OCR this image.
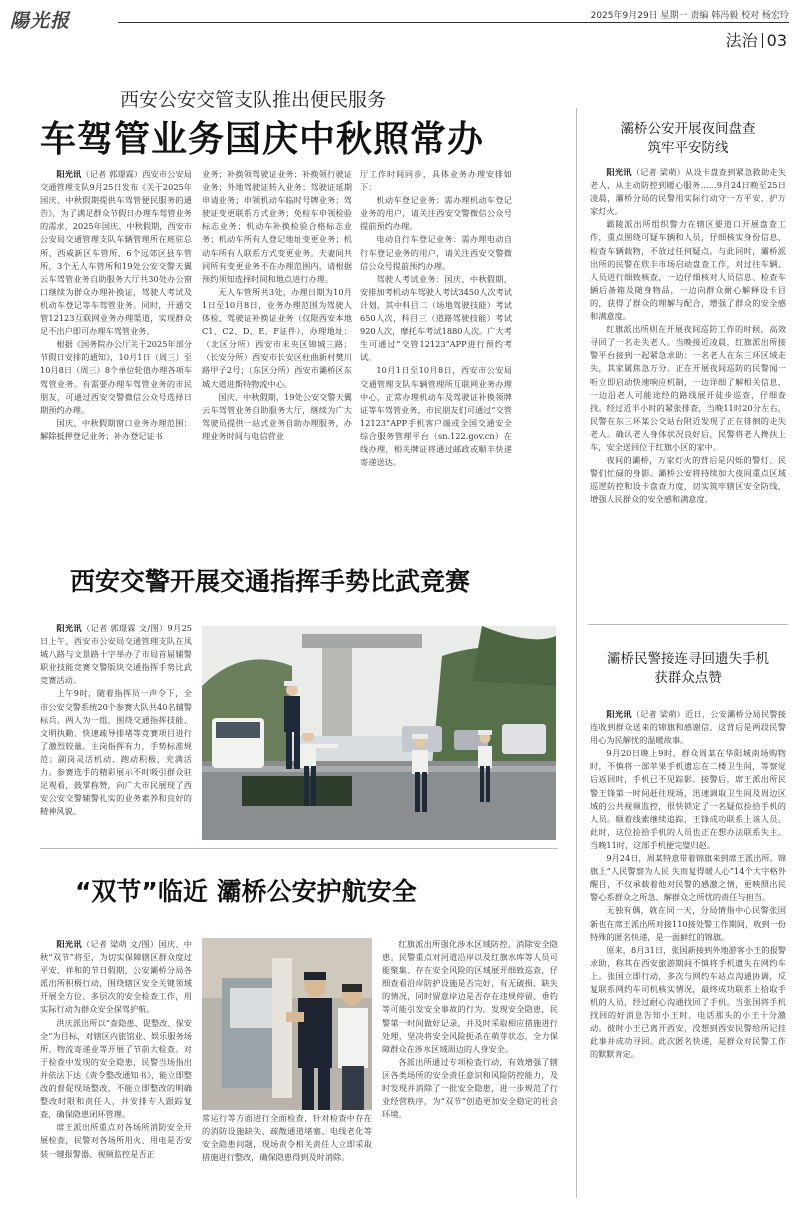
陽光报	2025年9月29日 星期一 责编 韩冯毅 校对 杨宏玲
法治 03
西安公安交管支队推出便民服务
车驾管业务国庆中秋照常办

阳光讯（记者 郭璟霖）西安市公安局交通管理支队9月25日发布《关于2025年国庆、中秋假期提供车驾管便民服务的通告》，为了满足群众节假日办理车驾管业务的需求，2025年国庆、中秋假期，西安市公安局交通管理支队车辆管理所在班驻总所、西咸新区车管所、6个远郊区县车管所，3个无人车管所和19处公安交警天翼云车驾管业务自助服务大厅共30处办公窗口继续为群众办理补换证，驾驶人考试及机动车登记等车驾管业务。同时，开通交管12123互联网业务办理渠道，实现群众足不出户即可办理车驾管业务。

根据《国务院办公厅关于2025年部分节假日安排的通知》，10月1日（周三）至10月8日（周三）8个单位轮值办理各项车驾管业务。有需要办理车驾管业务的市民朋友，可通过西安交警微信公众号选择日期预约办理。

国庆、中秋假期窗口业务办理范围：解除抵押登记业务；补办登记证书

业务；补换领驾驶证业务；补换领行驶证业务；外地驾驶证转入业务；驾驶证延期申请业务；申领机动车临时号牌业务；驾驶证变更联系方式业务；免检车申领检验标志业务；机动车补换检验合格标志业务；机动车所有人登记地址变更业务；机动车所有人联系方式变更业务。夫妻间共同所有变更业务不在办理范围内，请根据预约须知选择时间和地点进行办理。

无人车管所共3处，办理日期为10月1日至10月8日，业务办理范围为驾驶人体检、驾驶证补换证业务（仅限西安本地C1、C2、D、E、F证件），办理地址：（北区分所）西安市未央区锦城三路；（长安分所）西安市长安区杜曲新村樊川路甲子2号；（东区分所）西安市灞桥区东城大道进斯特物流中心。

国庆、中秋假期，19处公安交警天翼云车驾管业务自助服务大厅，继续为广大驾驶员提供一站式业务自助办理服务，办理业务时间与电信营业

厅工作时间同步，具体业务办理安排如下：

机动车登记业务：需办理机动车登记业务的用户，请关注西安交警微信公众号提前预约办理。

电动自行车登记业务：需办理电动自行车登记业务的用户，请关注西安交警微信公众号提前预约办理。

驾驶人考试业务：国庆、中秋假期，安排加考机动车驾驶人考试3450人次考试计划，其中科目二（场地驾驶技能）考试650人次，科目三（道路驾驶技能）考试920人次，摩托车考试1880人次。广大考生可通过“交管12123”APP进行预约考试。

10月1日至10月8日，西安市公安局交通管理支队车辆管理所互联网业务办理中心，正常办理机动车及驾驶证补换领牌证等车驾管业务，市民朋友们可通过“交管12123”APP手机客户端或全国交通安全综合服务管理平台（sn.122.gov.cn）在线办理，相关牌证将通过邮政或顺丰快递寄递送达。

西安交警开展交通指挥手势比武竞赛

阳光讯（记者 郭璟霖 文/图）9月25日上午，西安市公安局交通管理支队在凤城八路与文景路十字举办了市局首届辅警职业技能竞赛交警版块交通指挥手势比武竞赛活动。

上午9时，随着指挥员一声令下，全市公安交警系统20个参赛大队共40名辅警标兵，两人为一组，围绕交通指挥技能、文明执勤、快速疏导排堵等竞赛项目进行了激烈较量。主岗指挥有力，手势标准规范；副岗灵活机动、跑动积极，充满活力。参赛选手的精彩展示不时吸引群众驻足观看，鼓掌称赞，向广大市民展现了西安公安交警辅警扎实的业务素养和良好的精神风貌。

“双节”临近 灞桥公安护航安全

阳光讯（记者 梁萌 文/图）国庆、中秋“双节”将至，为切实保障辖区群众度过平安、祥和的节日假期，公安灞桥分局各派出所积极行动，围绕辖区安全关键领域开展全方位、多层次的安全检查工作，用实际行动为群众安全保驾护航。

洪庆派出所以“查隐患、促整改、保安全”为目标，对辖区内旅馆业、娱乐服务场所、物流寄递业等开展了节前大检查。对于检查中发现的安全隐患，民警当场指出并依法下达《责令整改通知书》，能立即整改的督促现场整改，不能立即整改的明确整改时限和责任人，并安排专人跟踪复查，确保隐患闭环管理。

席王派出所重点对各场所消防安全开展检查，民警对各场所用火、用电是否安装一键报警器、视频监控是否正

常运行等方面进行全面检查，针对检查中存在的消防设施缺失、疏散通道堵塞、电线老化等安全隐患问题，现场责令相关责任人立即采取措施进行整改，确保隐患得到及时消除。

红旗派出所强化涉水区域防控，消除安全隐患。民警重点对河道沿岸以及红旗水库等人员可能聚集、存在安全风险的区域展开细致巡查，仔细查看沿岸防护设施是否完好，有无破损、缺失的情况，同时留意岸边是否存在违规停留、垂钓等可能引发安全事故的行为。发现安全隐患，民警第一时间做好记录，并及时采取相应措施进行处理，坚决将安全风险扼杀在萌芽状态，全力保障群众在涉水区域周边的人身安全。

各派出所通过专项检查行动，有效增强了辖区各类场所的安全责任意识和风险防控能力，及时发现并消除了一批安全隐患，进一步规范了行业经营秩序，为“双节”创造更加安全稳定的社会环境。

灞桥公安开展夜间盘查
筑牢平安防线

阳光讯（记者 梁萌）从设卡盘查到紧急救助走失老人，从主动防控到暖心服务……9月24日晚至25日凌晨，灞桥分局的民警用实际行动守一方平安、护万家灯火。

霸陵派出所组织警力在辖区要道口开展盘查工作，重点围绕可疑车辆和人员，仔细核实身份信息、检查车辆载物，不放过任何疑点。与此同时，灞桥派出所的民警在欣丰市场启动盘查工作，对过往车辆、人员进行细致核查，一边仔细核对人员信息、检查车辆后备箱及随身物品，一边向群众耐心解释设卡目的，获得了群众的理解与配合，增强了群众的安全感和满意度。

红旗派出所则在开展夜间巡防工作的时候，高效寻回了一名走失老人。当晚接近凌晨，红旗派出所接警平台接到一起紧急求助：一名老人在东三环区域走失，其家属焦急万分。正在开展夜间巡防的民警闻一听立即启动快速响应机制，一边详细了解相关信息，一边沿老人可能途经的路线展开徒步巡查，仔细查找。经过近半小时的紧张排查，当晚11时20分左右，民警在东三环某公交站台附近发现了正在徘徊的走失老人。确认老人身体状况良好后，民警将老人搀扶上车，安全送回位于红旗小区的家中。

夜间的灞桥，万家灯火的背后是闪烁的警灯、民警们忙碌的身影。灞桥公安将持续加大夜间重点区域巡逻防控和设卡盘查力度，切实筑牢辖区安全防线，增强人民群众的安全感和满意度。

灞桥民警接连寻回遗失手机
获群众点赞

阳光讯（记者 梁萌）近日，公安灞桥分局民警接连收到群众送来的锦旗和感谢信，这背后是两段民警用心为民解忧的温暖故事。

9月20日晚上9时，群众周某在华阳城南场购物时，不慎将一部苹果手机遗忘在二楼卫生间，等察觉后返回时，手机已不见踪影。接警后，席王派出所民警王锋第一时间赶往现场，迅速调取卫生间及周边区域的公共视频监控，很快锁定了一名疑似捡拾手机的人员。顺着线索继续追踪，王锋成功联系上该人员。此时，这位捡拾手机的人员也正在想办法联系失主。当晚11时，这部手机便完璧归赵。

9月24日，周某特意带着锦旗来到席王派出所。锦旗上“人民警察为人民 失而复得暖人心”14个大字格外醒目，不仅承载着他对民警的感激之情，更映照出民警心系群众之所急、解群众之所忧的责任与担当。

无独有偶，就在同一天，分局情指中心民警张国新也在席王派出所对接110接处警工作期间，收到一份特殊的匿名快递，是一面鲜红的锦旗。

原来，8月31日，张国新接到外地游客小王的报警求助，称其在西安旅游期间不慎将手机遗失在网约车上。张国立即行动，多次与网约车站点沟通协调，反复联系网约车司机核实情况，最终成功联系上拾取手机的人员，经过耐心沟通找回了手机。当张国将手机找回的好消息告知小王时，电话那头的小王十分激动。彼时小王已离开西安，没想到西安民警给所记挂此事并成功寻回。此次匿名快递，是群众对民警工作的默默肯定。
